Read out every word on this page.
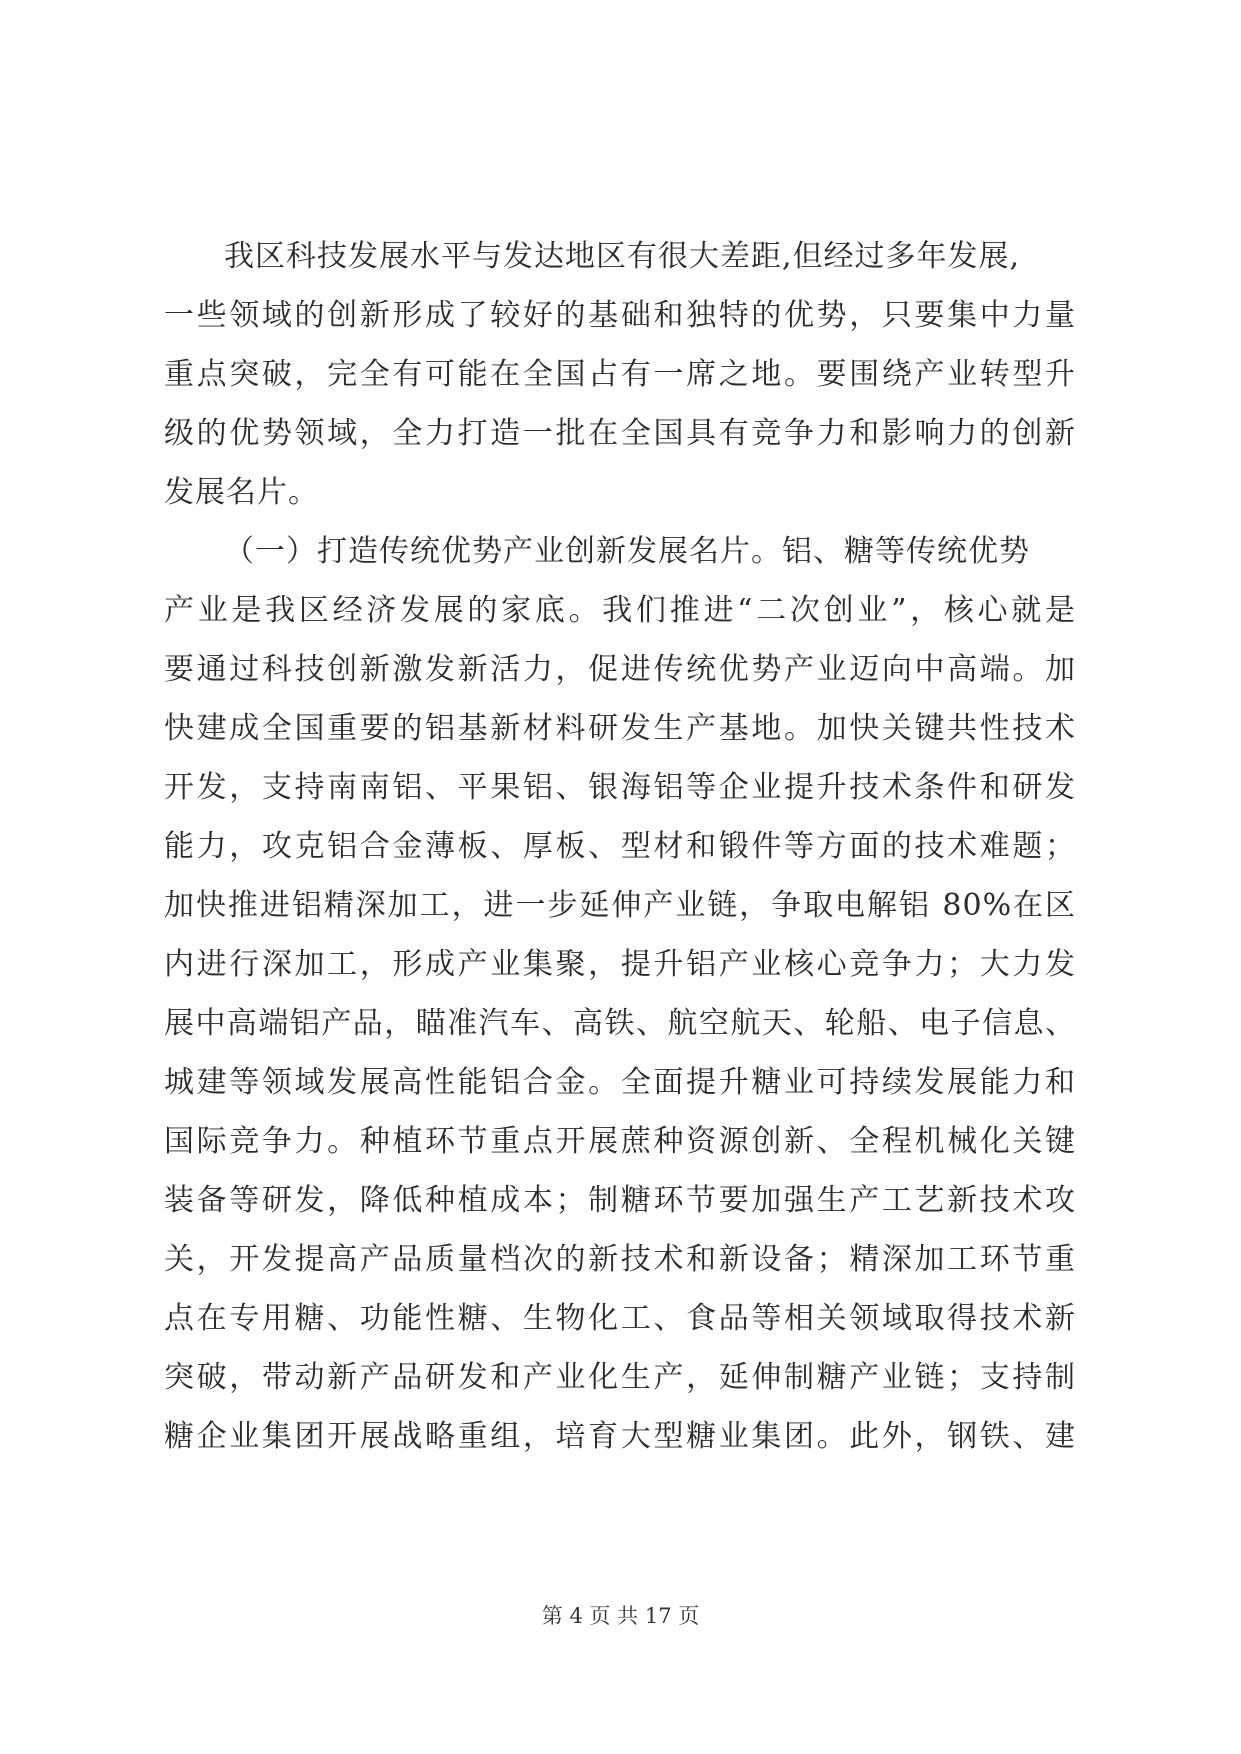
我区科技发展水平与发达地区有很大差距,但经过多年发展,
一些领域的创新形成了较好的基础和独特的优势，只要集中力量
重点突破，完全有可能在全国占有一席之地。要围绕产业转型升
级的优势领域，全力打造一批在全国具有竞争力和影响力的创新
发展名片。
（一）打造传统优势产业创新发展名片。铝、糖等传统优势
产业是我区经济发展的家底。我们推进“二次创业”，核心就是
要通过科技创新激发新活力，促进传统优势产业迈向中高端。加
快建成全国重要的铝基新材料研发生产基地。加快关键共性技术
开发，支持南南铝、平果铝、银海铝等企业提升技术条件和研发
能力，攻克铝合金薄板、厚板、型材和锻件等方面的技术难题；
加快推进铝精深加工，进一步延伸产业链，争取电解铝 80%在区
内进行深加工，形成产业集聚，提升铝产业核心竞争力；大力发
展中高端铝产品，瞄准汽车、高铁、航空航天、轮船、电子信息、
城建等领域发展高性能铝合金。全面提升糖业可持续发展能力和
国际竞争力。种植环节重点开展蔗种资源创新、全程机械化关键
装备等研发，降低种植成本；制糖环节要加强生产工艺新技术攻
关，开发提高产品质量档次的新技术和新设备；精深加工环节重
点在专用糖、功能性糖、生物化工、食品等相关领域取得技术新
突破，带动新产品研发和产业化生产，延伸制糖产业链；支持制
糖企业集团开展战略重组，培育大型糖业集团。此外，钢铁、建
第 4 页 共 17 页
